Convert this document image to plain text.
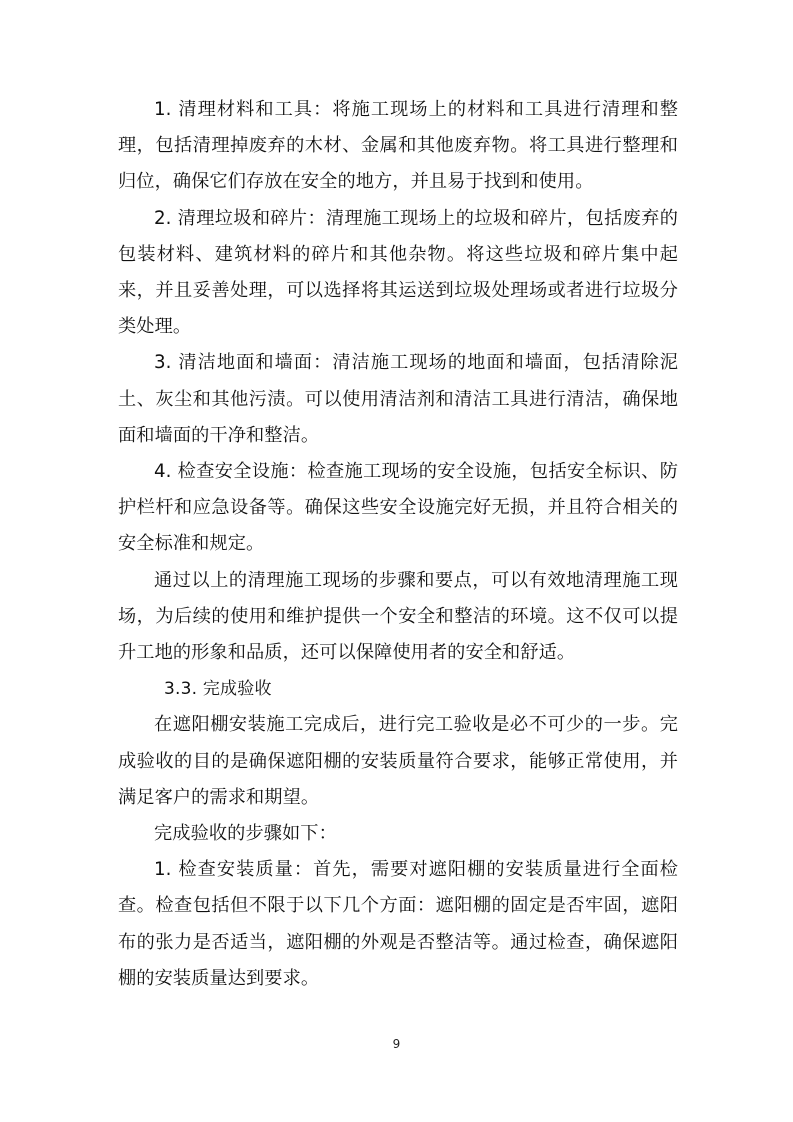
1. 清理材料和工具：将施工现场上的材料和工具进行清理和整理，包括清理掉废弃的木材、金属和其他废弃物。将工具进行整理和归位，确保它们存放在安全的地方，并且易于找到和使用。

2. 清理垃圾和碎片：清理施工现场上的垃圾和碎片，包括废弃的包装材料、建筑材料的碎片和其他杂物。将这些垃圾和碎片集中起来，并且妥善处理，可以选择将其运送到垃圾处理场或者进行垃圾分类处理。

3. 清洁地面和墙面：清洁施工现场的地面和墙面，包括清除泥土、灰尘和其他污渍。可以使用清洁剂和清洁工具进行清洁，确保地面和墙面的干净和整洁。

4. 检查安全设施：检查施工现场的安全设施，包括安全标识、防护栏杆和应急设备等。确保这些安全设施完好无损，并且符合相关的安全标准和规定。

通过以上的清理施工现场的步骤和要点，可以有效地清理施工现场，为后续的使用和维护提供一个安全和整洁的环境。这不仅可以提升工地的形象和品质，还可以保障使用者的安全和舒适。

3.3. 完成验收

在遮阳棚安装施工完成后，进行完工验收是必不可少的一步。完成验收的目的是确保遮阳棚的安装质量符合要求，能够正常使用，并满足客户的需求和期望。

完成验收的步骤如下：

1. 检查安装质量：首先，需要对遮阳棚的安装质量进行全面检查。检查包括但不限于以下几个方面：遮阳棚的固定是否牢固，遮阳布的张力是否适当，遮阳棚的外观是否整洁等。通过检查，确保遮阳棚的安装质量达到要求。

9
